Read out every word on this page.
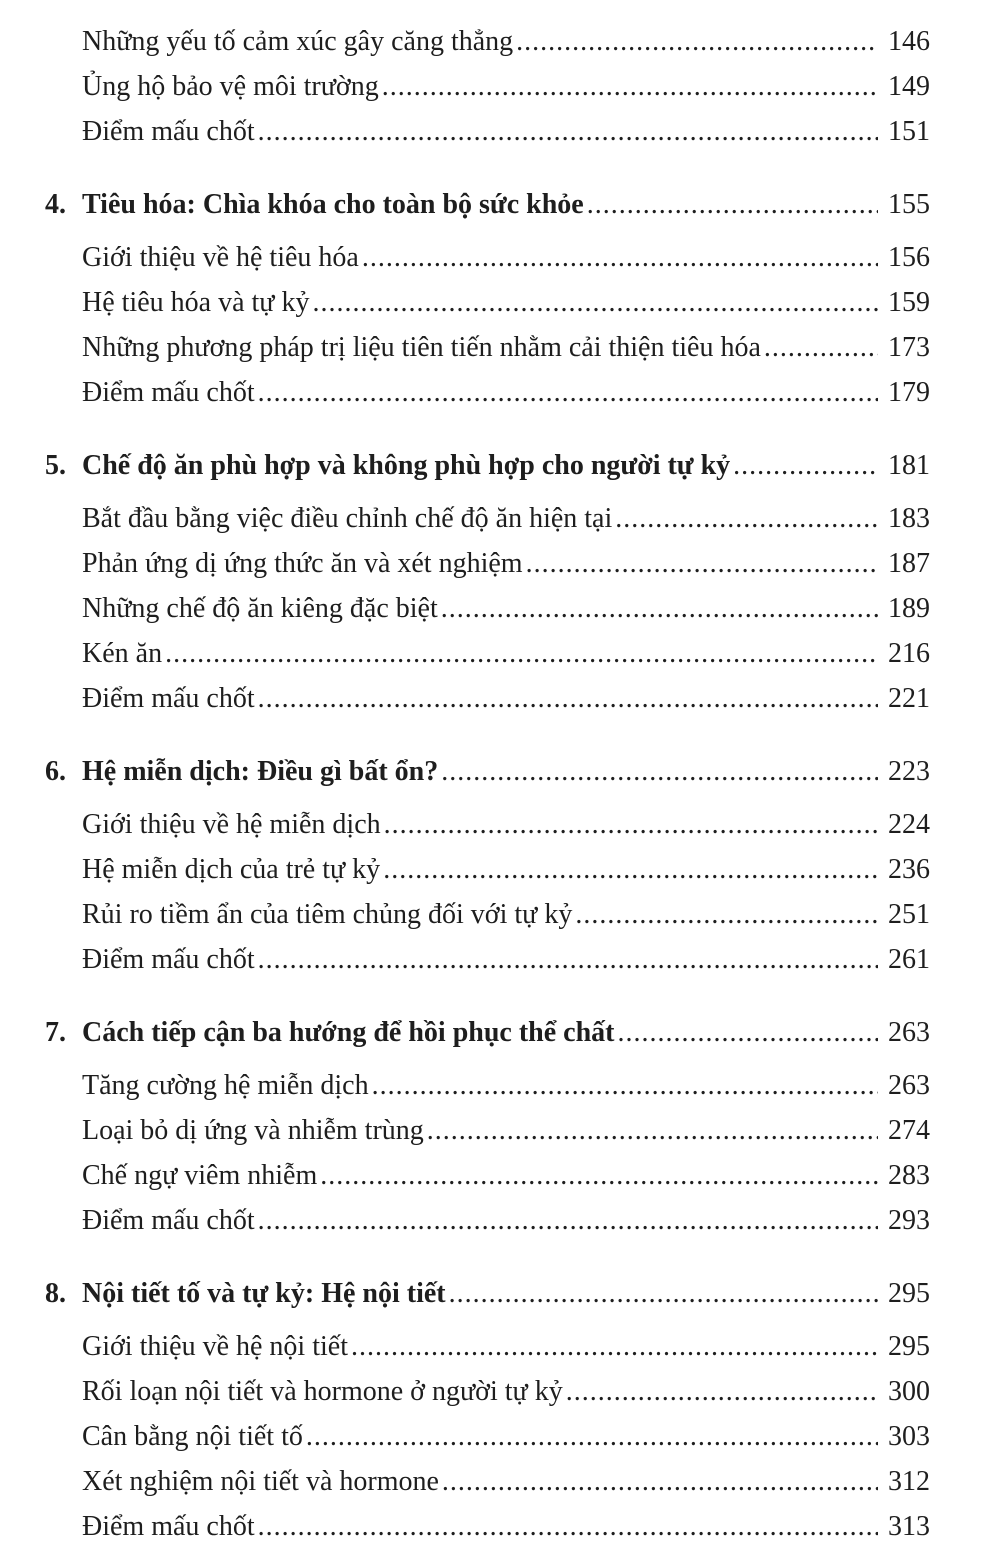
Những yếu tố cảm xúc gây căng thẳng .....	146
Ủng hộ bảo vệ môi trường .....	149
Điểm mấu chốt .....	151
4. Tiêu hóa: Chìa khóa cho toàn bộ sức khỏe .....	155
Giới thiệu về hệ tiêu hóa .....	156
Hệ tiêu hóa và tự kỷ .....	159
Những phương pháp trị liệu tiên tiến nhằm cải thiện tiêu hóa .....	173
Điểm mấu chốt .....	179
5. Chế độ ăn phù hợp và không phù hợp cho người tự kỷ .....	181
Bắt đầu bằng việc điều chỉnh chế độ ăn hiện tại .....	183
Phản ứng dị ứng thức ăn và xét nghiệm .....	187
Những chế độ ăn kiêng đặc biệt .....	189
Kén ăn .....	216
Điểm mấu chốt .....	221
6. Hệ miễn dịch: Điều gì bất ổn? .....	223
Giới thiệu về hệ miễn dịch .....	224
Hệ miễn dịch của trẻ tự kỷ .....	236
Rủi ro tiềm ẩn của tiêm chủng đối với tự kỷ .....	251
Điểm mấu chốt .....	261
7. Cách tiếp cận ba hướng để hồi phục thể chất .....	263
Tăng cường hệ miễn dịch .....	263
Loại bỏ dị ứng và nhiễm trùng .....	274
Chế ngự viêm nhiễm .....	283
Điểm mấu chốt .....	293
8. Nội tiết tố và tự kỷ: Hệ nội tiết .....	295
Giới thiệu về hệ nội tiết .....	295
Rối loạn nội tiết và hormone ở người tự kỷ .....	300
Cân bằng nội tiết tố .....	303
Xét nghiệm nội tiết và hormone .....	312
Điểm mấu chốt .....	313
